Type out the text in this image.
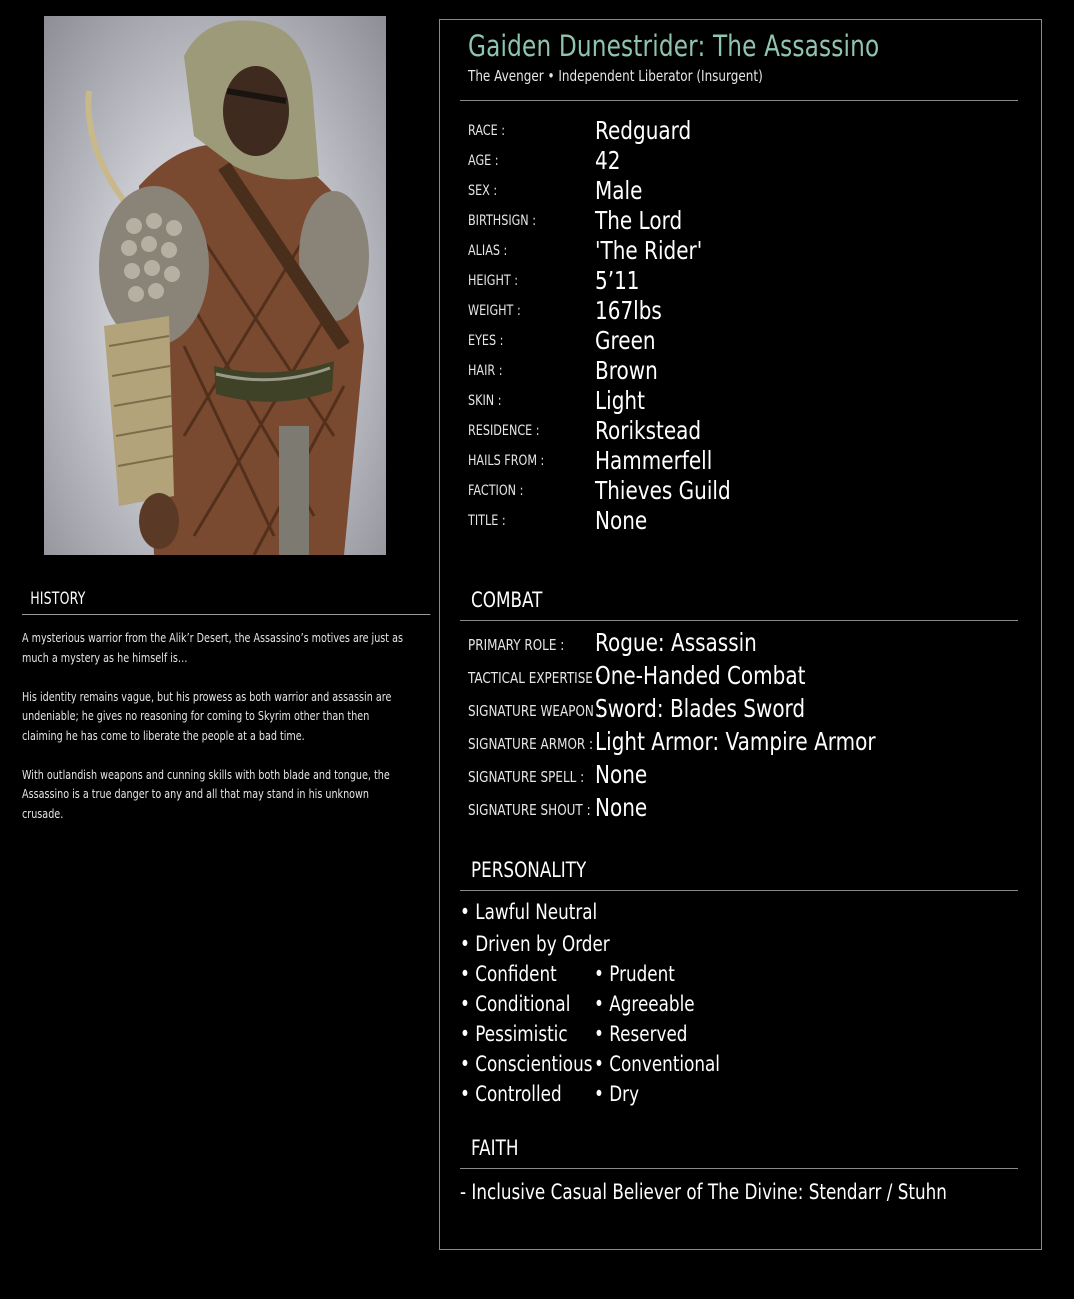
HISTORY

A mysterious warrior from the Alik’r Desert, the Assassino’s motives are just as much a mystery as he himself is…

His identity remains vague, but his prowess as both warrior and assassin are undeniable; he gives no reasoning for coming to Skyrim other than then claiming he has come to liberate the people at a bad time.

With outlandish weapons and cunning skills with both blade and tongue, the Assassino is a true danger to any and all that may stand in his unknown crusade.

Gaiden Dunestrider: The Assassino
The Avenger • Independent Liberator (Insurgent)
RACE :	Redguard
AGE :	42
SEX :	Male
BIRTHSIGN : The Lord
ALIAS :	'The Rider'
HEIGHT :	5’11
WEIGHT :	167lbs
EYES :	Green
HAIR :	Brown
SKIN :	Light
RESIDENCE : Rorikstead
HAILS FROM : Hammerfell
FACTION :	Thieves Guild
TITLE :	None
COMBAT
PRIMARY ROLE : Rogue: Assassin
TACTICAL EXPERTISE :
One-Handed Combat
SIGNATURE WEAPON :
Sword: Blades Sword
SIGNATURE ARMOR : Light Armor: Vampire Armor
SIGNATURE SPELL : None
SIGNATURE SHOUT : None
PERSONALITY
• Lawful Neutral
• Driven by Order
• Confident • Prudent
• Conditional • Agreeable
• Pessimistic • Reserved
• Conscientious • Conventional
• Controlled • Dry
FAITH
- Inclusive Casual Believer of The Divine: Stendarr / Stuhn
